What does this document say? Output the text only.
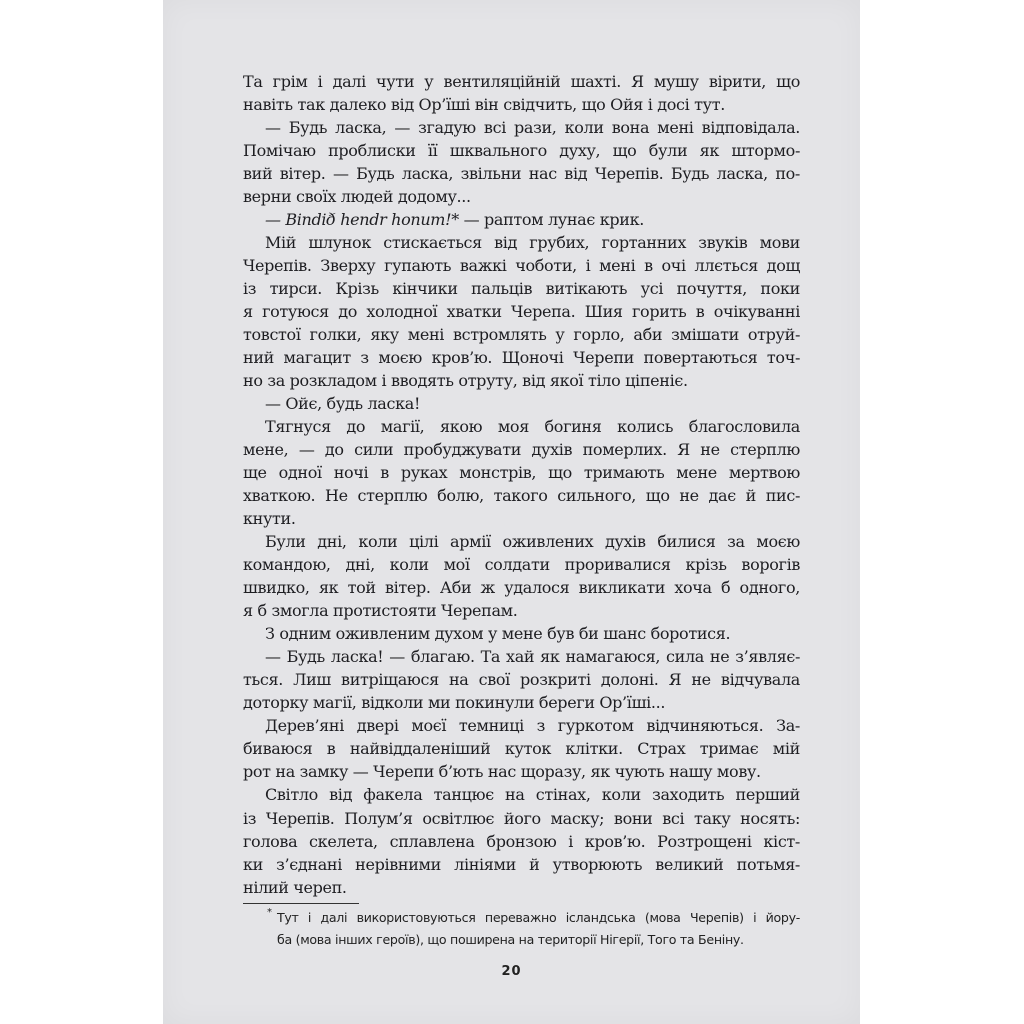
Та грім і далі чути у вентиляційній шахті. Я мушу вірити, що
навіть так далеко від Ор’їші він свідчить, що Ойя і досі тут.
— Будь ласка, — згадую всі рази, коли вона мені відповідала.
Помічаю проблиски її шквального духу, що були як штормо-
вий вітер. — Будь ласка, звільни нас від Черепів. Будь ласка, по-
верни своїх людей додому...
— Bindið hendr honum!* — раптом лунає крик.
Мій шлунок стискається від грубих, гортанних звуків мови
Черепів. Зверху гупають важкі чоботи, і мені в очі ллється дощ
із тирси. Крізь кінчики пальців витікають усі почуття, поки
я готуюся до холодної хватки Черепа. Шия горить в очікуванні
товстої голки, яку мені встромлять у горло, аби змішати отруй-
ний магацит з моєю кров’ю. Щоночі Черепи повертаються точ-
но за розкладом і вводять отруту, від якої тіло ціпеніє.
— Ойє, будь ласка!
Тягнуся до магії, якою моя богиня колись благословила
мене, — до сили пробуджувати духів померлих. Я не стерплю
ще одної ночі в руках монстрів, що тримають мене мертвою
хваткою. Не стерплю болю, такого сильного, що не дає й пис-
кнути.
Були дні, коли цілі армії оживлених духів билися за моєю
командою, дні, коли мої солдати проривалися крізь ворогів
швидко, як той вітер. Аби ж удалося викликати хоча б одного,
я б змогла протистояти Черепам.
З одним оживленим духом у мене був би шанс боротися.
— Будь ласка! — благаю. Та хай як намагаюся, сила не з’являє-
ться. Лиш витріщаюся на свої розкриті долоні. Я не відчувала
доторку магії, відколи ми покинули береги Ор’їші...
Дерев’яні двері моєї темниці з гуркотом відчиняються. За-
биваюся в найвіддаленіший куток клітки. Страх тримає мій
рот на замку — Черепи б’ють нас щоразу, як чують нашу мову.
Світло від факела танцює на стінах, коли заходить перший
із Черепів. Полум’я освітлює його маску; вони всі таку носять:
голова скелета, сплавлена бронзою і кров’ю. Розтрощені кіст-
ки з’єднані нерівними лініями й утворюють великий потьмя-
нілий череп.
* Тут і далі використовуються переважно ісландська (мова Черепів) і йору-
ба (мова інших героїв), що поширена на території Нігерії, Того та Беніну.
20
